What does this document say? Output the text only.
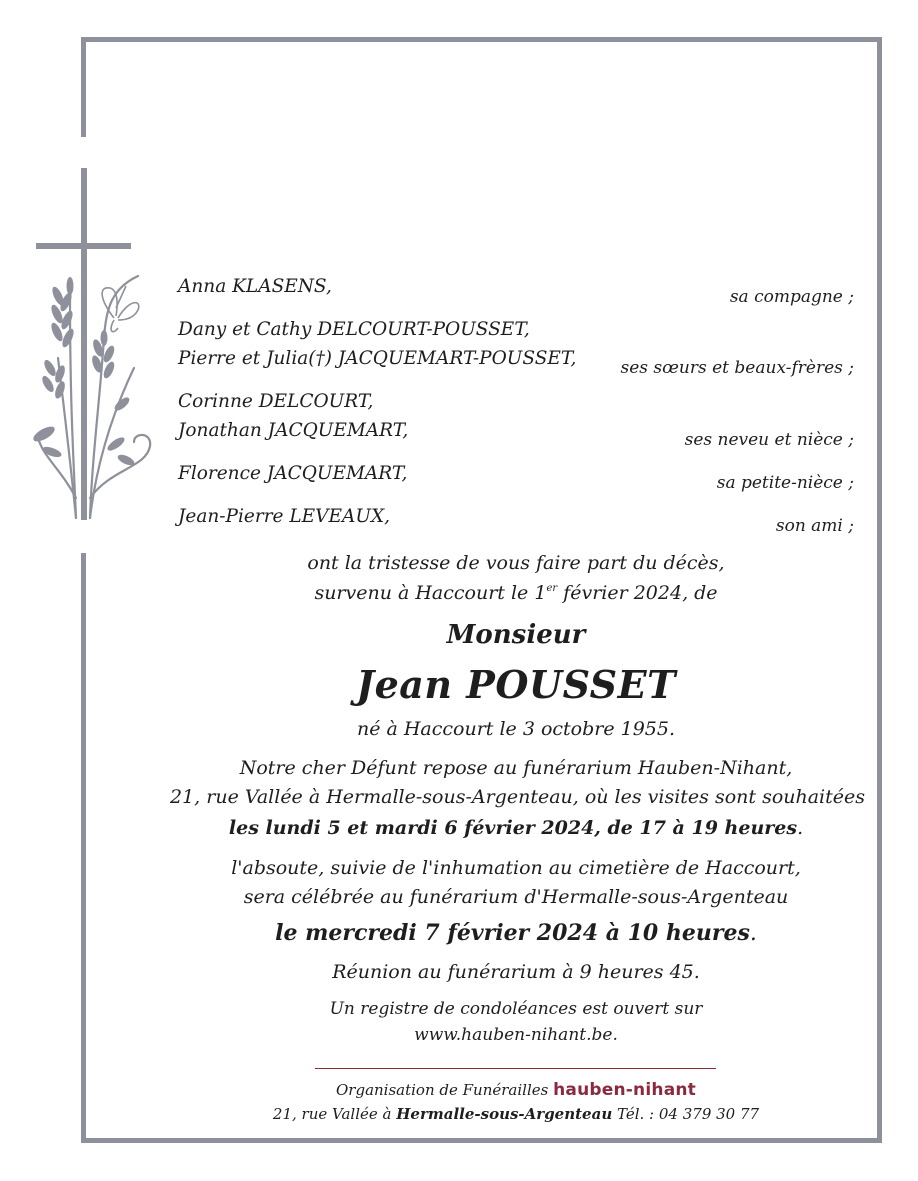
Anna KLASENS,
Dany et Cathy DELCOURT-POUSSET,
Pierre et Julia(†) JACQUEMART-POUSSET,
Corinne DELCOURT,
Jonathan JACQUEMART,
Florence JACQUEMART,
Jean-Pierre LEVEAUX,
sa compagne ;
ses sœurs et beaux-frères ;
ses neveu et nièce ;
sa petite-nièce ;
son ami ;
ont la tristesse de vous faire part du décès,
survenu à Haccourt le 1er février 2024, de
Monsieur
Jean POUSSET
né à Haccourt le 3 octobre 1955.
Notre cher Défunt repose au funérarium Hauben-Nihant,
21, rue Vallée à Hermalle-sous-Argenteau, où les visites sont souhaitées
les lundi 5 et mardi 6 février 2024, de 17 à 19 heures.
l'absoute, suivie de l'inhumation au cimetière de Haccourt,
sera célébrée au funérarium d'Hermalle-sous-Argenteau
le mercredi 7 février 2024 à 10 heures.
Réunion au funérarium à 9 heures 45.
Un registre de condoléances est ouvert sur
www.hauben-nihant.be.
Organisation de Funérailles hauben-nihant
21, rue Vallée à Hermalle-sous-Argenteau Tél. : 04 379 30 77
